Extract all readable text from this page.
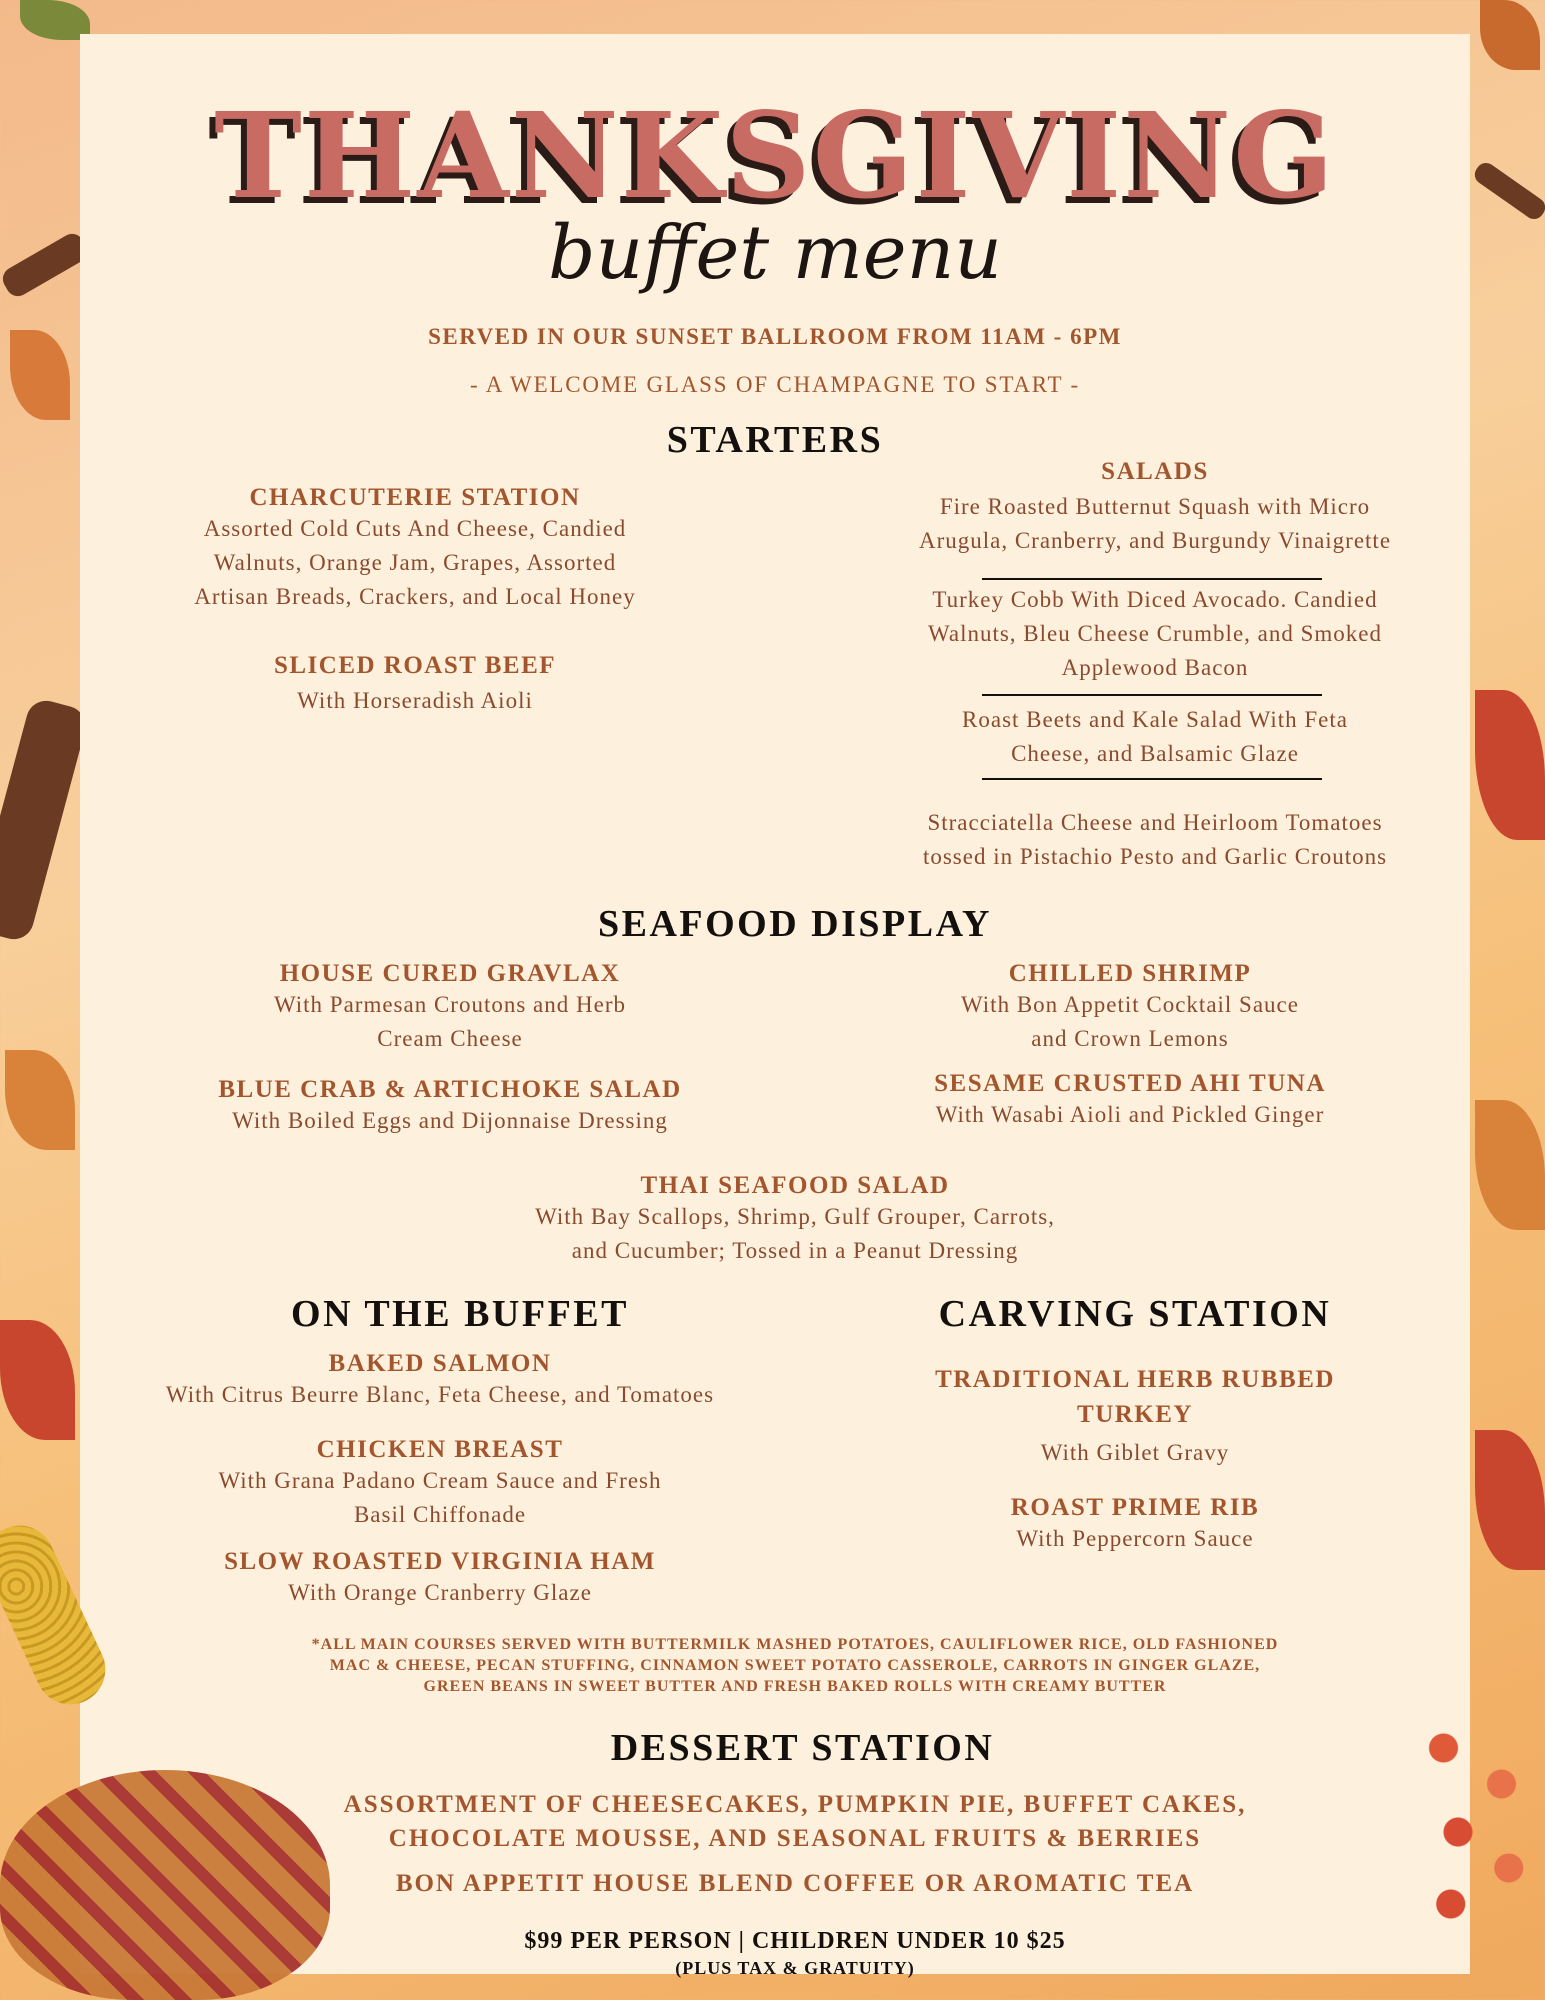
THANKSGIVING
buffet menu
SERVED IN OUR SUNSET BALLROOM FROM 11AM - 6PM
- A WELCOME GLASS OF CHAMPAGNE TO START -
STARTERS
CHARCUTERIE STATION
Assorted Cold Cuts And Cheese, Candied
Walnuts, Orange Jam, Grapes, Assorted
Artisan Breads, Crackers, and Local Honey
SLICED ROAST BEEF
With Horseradish Aioli
SALADS
Fire Roasted Butternut Squash with Micro
Arugula, Cranberry, and Burgundy Vinaigrette
Turkey Cobb With Diced Avocado. Candied
Walnuts, Bleu Cheese Crumble, and Smoked
Applewood Bacon
Roast Beets and Kale Salad With Feta
Cheese, and Balsamic Glaze
Stracciatella Cheese and Heirloom Tomatoes
tossed in Pistachio Pesto and Garlic Croutons
SEAFOOD DISPLAY
HOUSE CURED GRAVLAX
With Parmesan Croutons and Herb
Cream Cheese
CHILLED SHRIMP
With Bon Appetit Cocktail Sauce
and Crown Lemons
BLUE CRAB & ARTICHOKE SALAD
With Boiled Eggs and Dijonnaise Dressing
SESAME CRUSTED AHI TUNA
With Wasabi Aioli and Pickled Ginger
THAI SEAFOOD SALAD
With Bay Scallops, Shrimp, Gulf Grouper, Carrots,
and Cucumber; Tossed in a Peanut Dressing
ON THE BUFFET	CARVING STATION
BAKED SALMON
With Citrus Beurre Blanc, Feta Cheese, and Tomatoes
CHICKEN BREAST
With Grana Padano Cream Sauce and Fresh
Basil Chiffonade
SLOW ROASTED VIRGINIA HAM
With Orange Cranberry Glaze
TRADITIONAL HERB RUBBED
TURKEY
With Giblet Gravy
ROAST PRIME RIB
With Peppercorn Sauce
*ALL MAIN COURSES SERVED WITH BUTTERMILK MASHED POTATOES, CAULIFLOWER RICE, OLD FASHIONED
MAC & CHEESE, PECAN STUFFING, CINNAMON SWEET POTATO CASSEROLE, CARROTS IN GINGER GLAZE,
GREEN BEANS IN SWEET BUTTER AND FRESH BAKED ROLLS WITH CREAMY BUTTER
DESSERT STATION
ASSORTMENT OF CHEESECAKES, PUMPKIN PIE, BUFFET CAKES,
CHOCOLATE MOUSSE, AND SEASONAL FRUITS & BERRIES
BON APPETIT HOUSE BLEND COFFEE OR AROMATIC TEA
$99 PER PERSON | CHILDREN UNDER 10 $25
(PLUS TAX & GRATUITY)
